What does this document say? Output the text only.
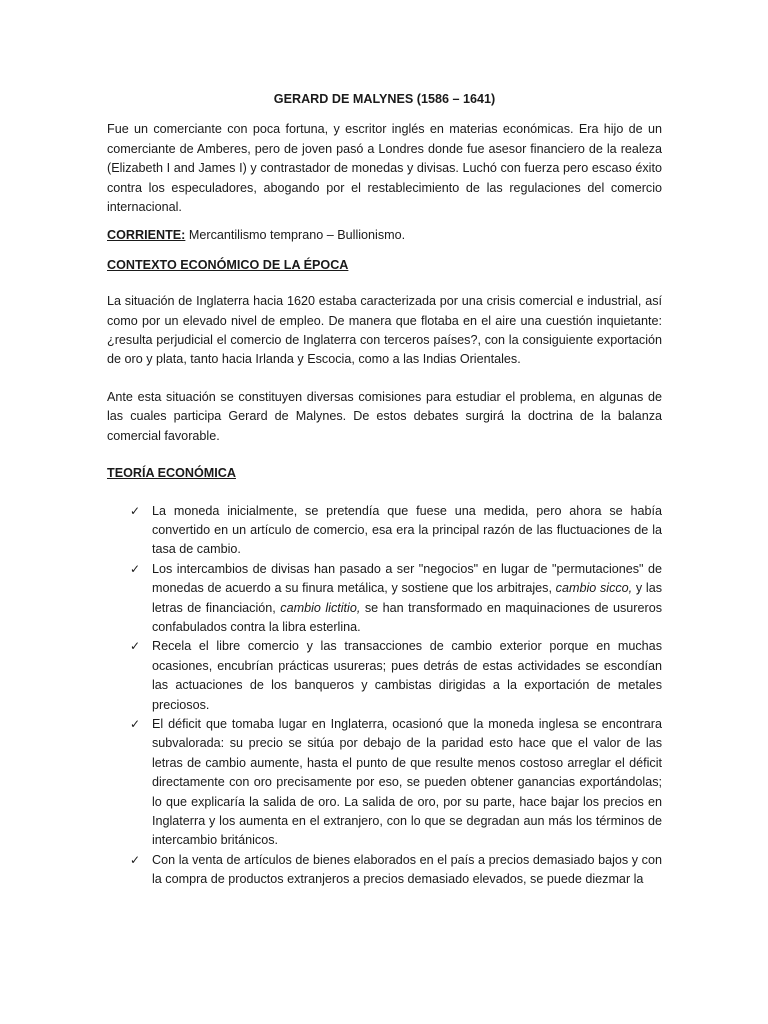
GERARD DE MALYNES (1586 – 1641)

Fue un comerciante con poca fortuna, y escritor inglés en materias económicas. Era hijo de un comerciante de Amberes, pero de joven pasó a Londres donde fue asesor financiero de la realeza (Elizabeth I and James I) y contrastador de monedas y divisas. Luchó con fuerza pero escaso éxito contra los especuladores, abogando por el restablecimiento de las regulaciones del comercio internacional.

CORRIENTE: Mercantilismo temprano – Bullionismo.

CONTEXTO ECONÓMICO DE LA ÉPOCA

La situación de Inglaterra hacia 1620 estaba caracterizada por una crisis comercial e industrial, así como por un elevado nivel de empleo. De manera que flotaba en el aire una cuestión inquietante: ¿resulta perjudicial el comercio de Inglaterra con terceros países?, con la consiguiente exportación de oro y plata, tanto hacia Irlanda y Escocia, como a las Indias Orientales.

Ante esta situación se constituyen diversas comisiones para estudiar el problema, en algunas de las cuales participa Gerard de Malynes. De estos debates surgirá la doctrina de la balanza comercial favorable.

TEORÍA ECONÓMICA
✓ La moneda inicialmente, se pretendía que fuese una medida, pero ahora se había convertido en un artículo de comercio, esa era la principal razón de las fluctuaciones de la tasa de cambio.
✓ Los intercambios de divisas han pasado a ser "negocios" en lugar de "permutaciones" de monedas de acuerdo a su finura metálica, y sostiene que los arbitrajes, cambio sicco, y las letras de financiación, cambio lictitio, se han transformado en maquinaciones de usureros confabulados contra la libra esterlina.
✓ Recela el libre comercio y las transacciones de cambio exterior porque en muchas ocasiones, encubrían prácticas usureras; pues detrás de estas actividades se escondían las actuaciones de los banqueros y cambistas dirigidas a la exportación de metales preciosos.
✓ El déficit que tomaba lugar en Inglaterra, ocasionó que la moneda inglesa se encontrara subvalorada: su precio se sitúa por debajo de la paridad esto hace que el valor de las letras de cambio aumente, hasta el punto de que resulte menos costoso arreglar el déficit directamente con oro precisamente por eso, se pueden obtener ganancias exportándolas; lo que explicaría la salida de oro. La salida de oro, por su parte, hace bajar los precios en Inglaterra y los aumenta en el extranjero, con lo que se degradan aun más los términos de intercambio británicos.
✓ Con la venta de artículos de bienes elaborados en el país a precios demasiado bajos y con la compra de productos extranjeros a precios demasiado elevados, se puede diezmar la
